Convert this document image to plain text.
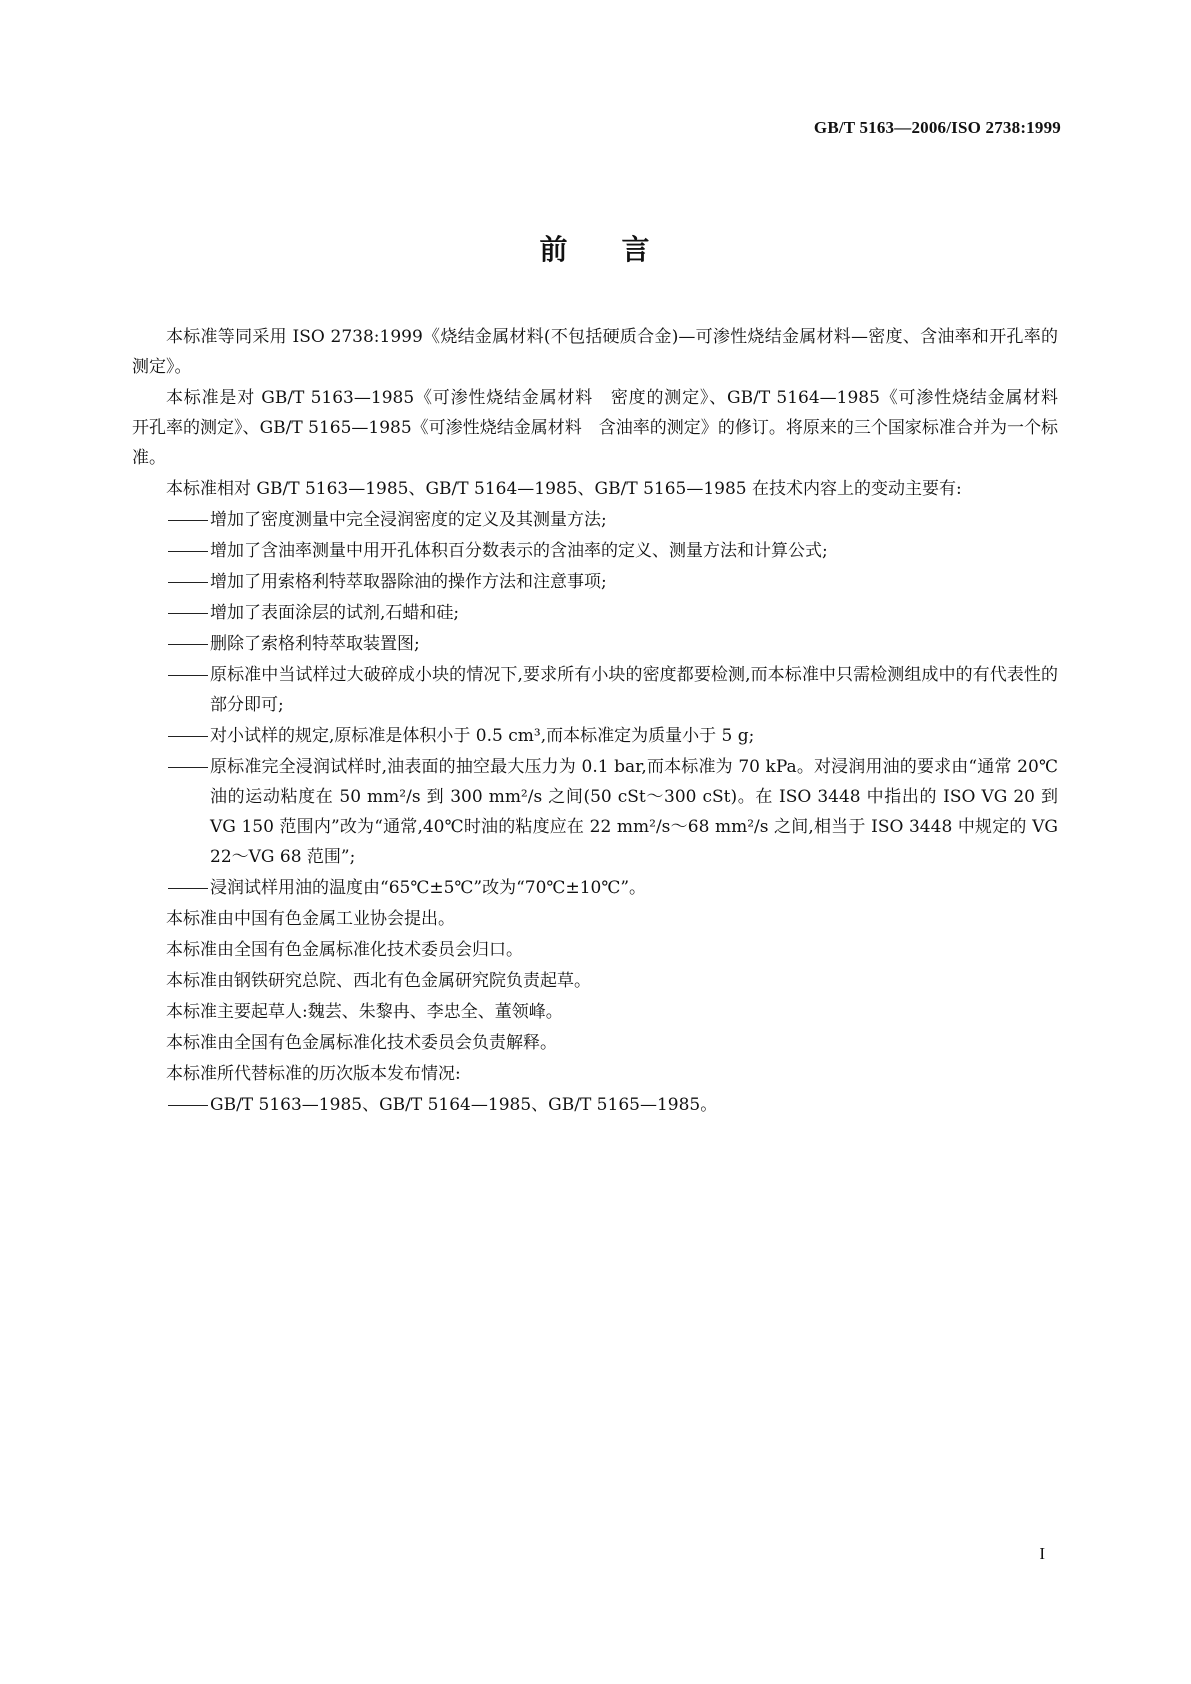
GB/T 5163—2006/ISO 2738:1999
前 言

本标准等同采用 ISO 2738:1999《烧结金属材料(不包括硬质合金)—可渗性烧结金属材料—密度、含油率和开孔率的测定》。

本标准是对 GB/T 5163—1985《可渗性烧结金属材料　密度的测定》、GB/T 5164—1985《可渗性烧结金属材料　开孔率的测定》、GB/T 5165—1985《可渗性烧结金属材料　含油率的测定》的修订。将原来的三个国家标准合并为一个标准。

本标准相对 GB/T 5163—1985、GB/T 5164—1985、GB/T 5165—1985 在技术内容上的变动主要有:

增加了密度测量中完全浸润密度的定义及其测量方法;
增加了含油率测量中用开孔体积百分数表示的含油率的定义、测量方法和计算公式;
增加了用索格利特萃取器除油的操作方法和注意事项;
增加了表面涂层的试剂,石蜡和硅;
删除了索格利特萃取装置图;
原标准中当试样过大破碎成小块的情况下,要求所有小块的密度都要检测,而本标准中只需检测组成中的有代表性的部分即可;
对小试样的规定,原标准是体积小于 0.5 cm³,而本标准定为质量小于 5 g;
原标准完全浸润试样时,油表面的抽空最大压力为 0.1 bar,而本标准为 70 kPa。对浸润用油的要求由“通常 20℃油的运动粘度在 50 mm²/s 到 300 mm²/s 之间(50 cSt～300 cSt)。在 ISO 3448 中指出的 ISO VG 20 到 VG 150 范围内”改为“通常,40℃时油的粘度应在 22 mm²/s～68 mm²/s 之间,相当于 ISO 3448 中规定的 VG 22～VG 68 范围”;
浸润试样用油的温度由“65℃±5℃”改为“70℃±10℃”。

本标准由中国有色金属工业协会提出。

本标准由全国有色金属标准化技术委员会归口。

本标准由钢铁研究总院、西北有色金属研究院负责起草。

本标准主要起草人:魏芸、朱黎冉、李忠全、董领峰。

本标准由全国有色金属标准化技术委员会负责解释。

本标准所代替标准的历次版本发布情况:

GB/T 5163—1985、GB/T 5164—1985、GB/T 5165—1985。
I
